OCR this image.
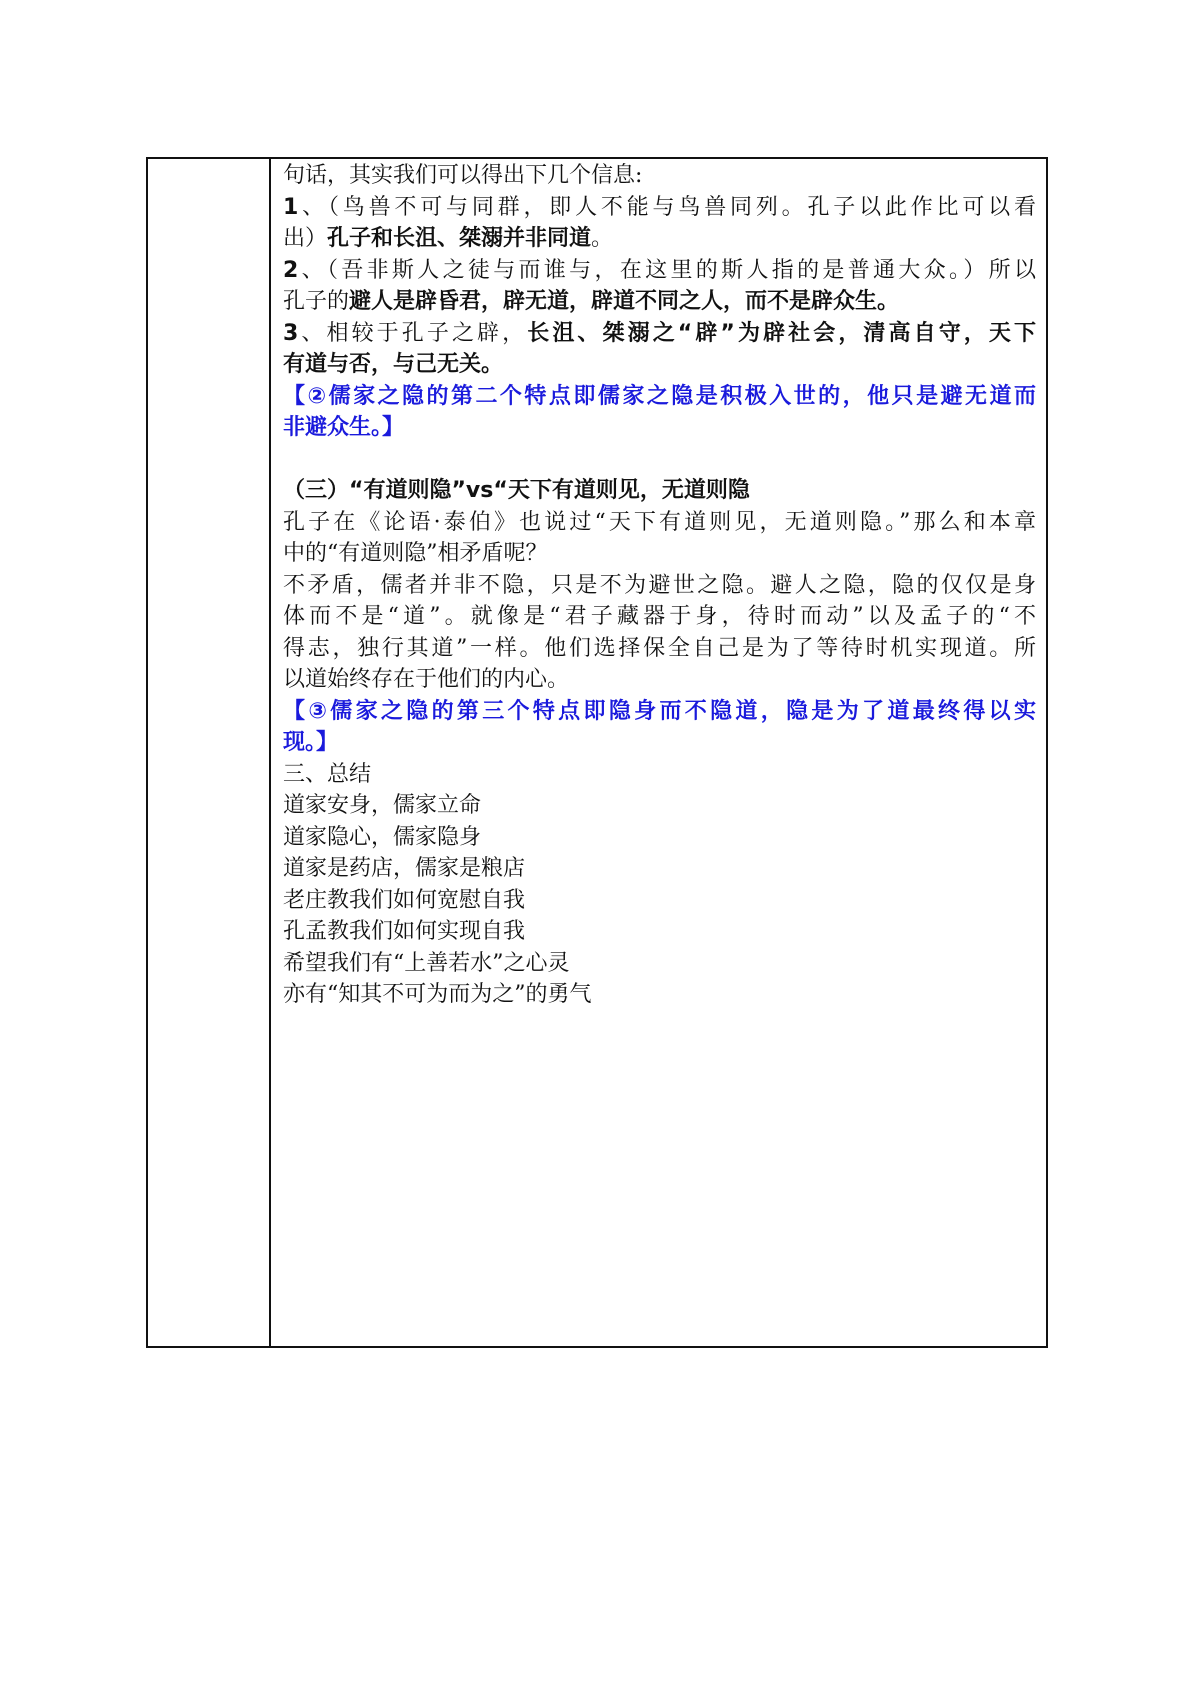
句话，其实我们可以得出下几个信息:
1、（鸟兽不可与同群，即人不能与鸟兽同列。孔子以此作比可以看
出）孔子和长沮、桀溺并非同道。
2、（吾非斯人之徒与而谁与，在这里的斯人指的是普通大众。）所以
孔子的避人是辟昏君，辟无道，辟道不同之人，而不是辟众生。
3、相较于孔子之辟，长沮、桀溺之“辟”为辟社会，清高自守，天下
有道与否，与己无关。
【②儒家之隐的第二个特点即儒家之隐是积极入世的，他只是避无道而
非避众生。】
（三）“有道则隐”vs“天下有道则见，无道则隐
孔子在《论语·泰伯》也说过“天下有道则见，无道则隐。”那么和本章
中的“有道则隐”相矛盾呢？
不矛盾，儒者并非不隐，只是不为避世之隐。避人之隐，隐的仅仅是身
体而不是“道”。就像是“君子藏器于身，待时而动”以及孟子的“不
得志，独行其道”一样。他们选择保全自己是为了等待时机实现道。所
以道始终存在于他们的内心。
【③儒家之隐的第三个特点即隐身而不隐道，隐是为了道最终得以实
现。】
三、总结
道家安身，儒家立命
道家隐心，儒家隐身
道家是药店，儒家是粮店
老庄教我们如何宽慰自我
孔孟教我们如何实现自我
希望我们有“上善若水”之心灵
亦有“知其不可为而为之”的勇气
